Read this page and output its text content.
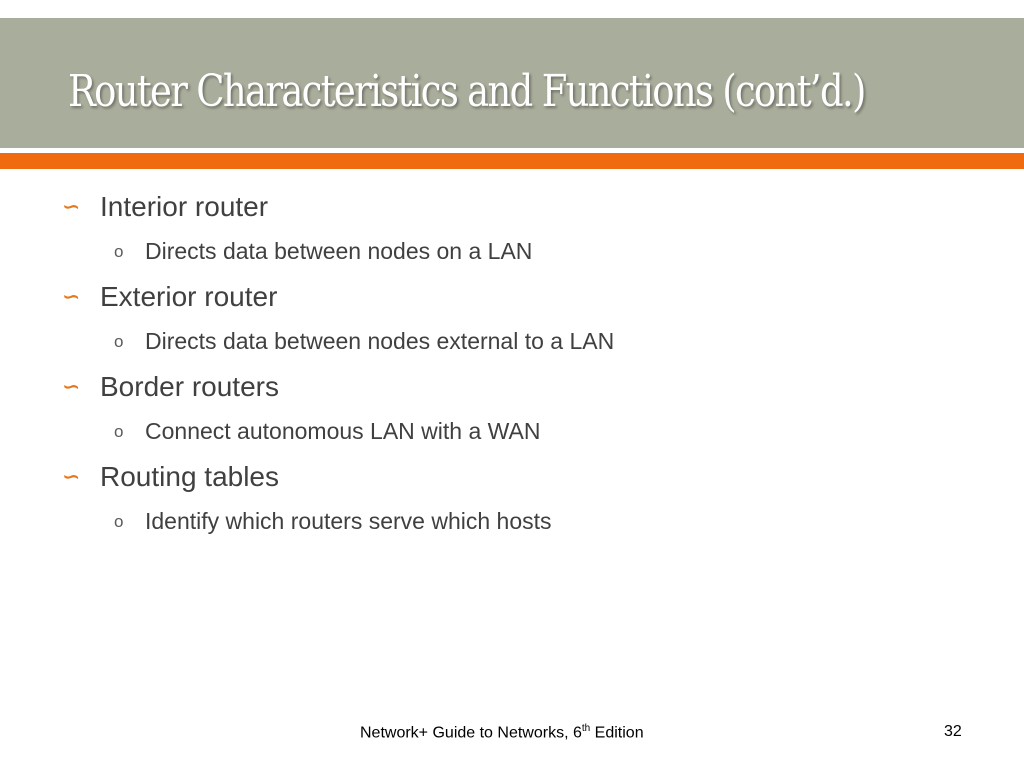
Router Characteristics and Functions (cont’d.)
∽ Interior router
o Directs data between nodes on a LAN
∽ Exterior router
o Directs data between nodes external to a LAN
∽ Border routers
o Connect autonomous LAN with a WAN
∽ Routing tables
o Identify which routers serve which hosts
Network+ Guide to Networks, 6th Edition	32
